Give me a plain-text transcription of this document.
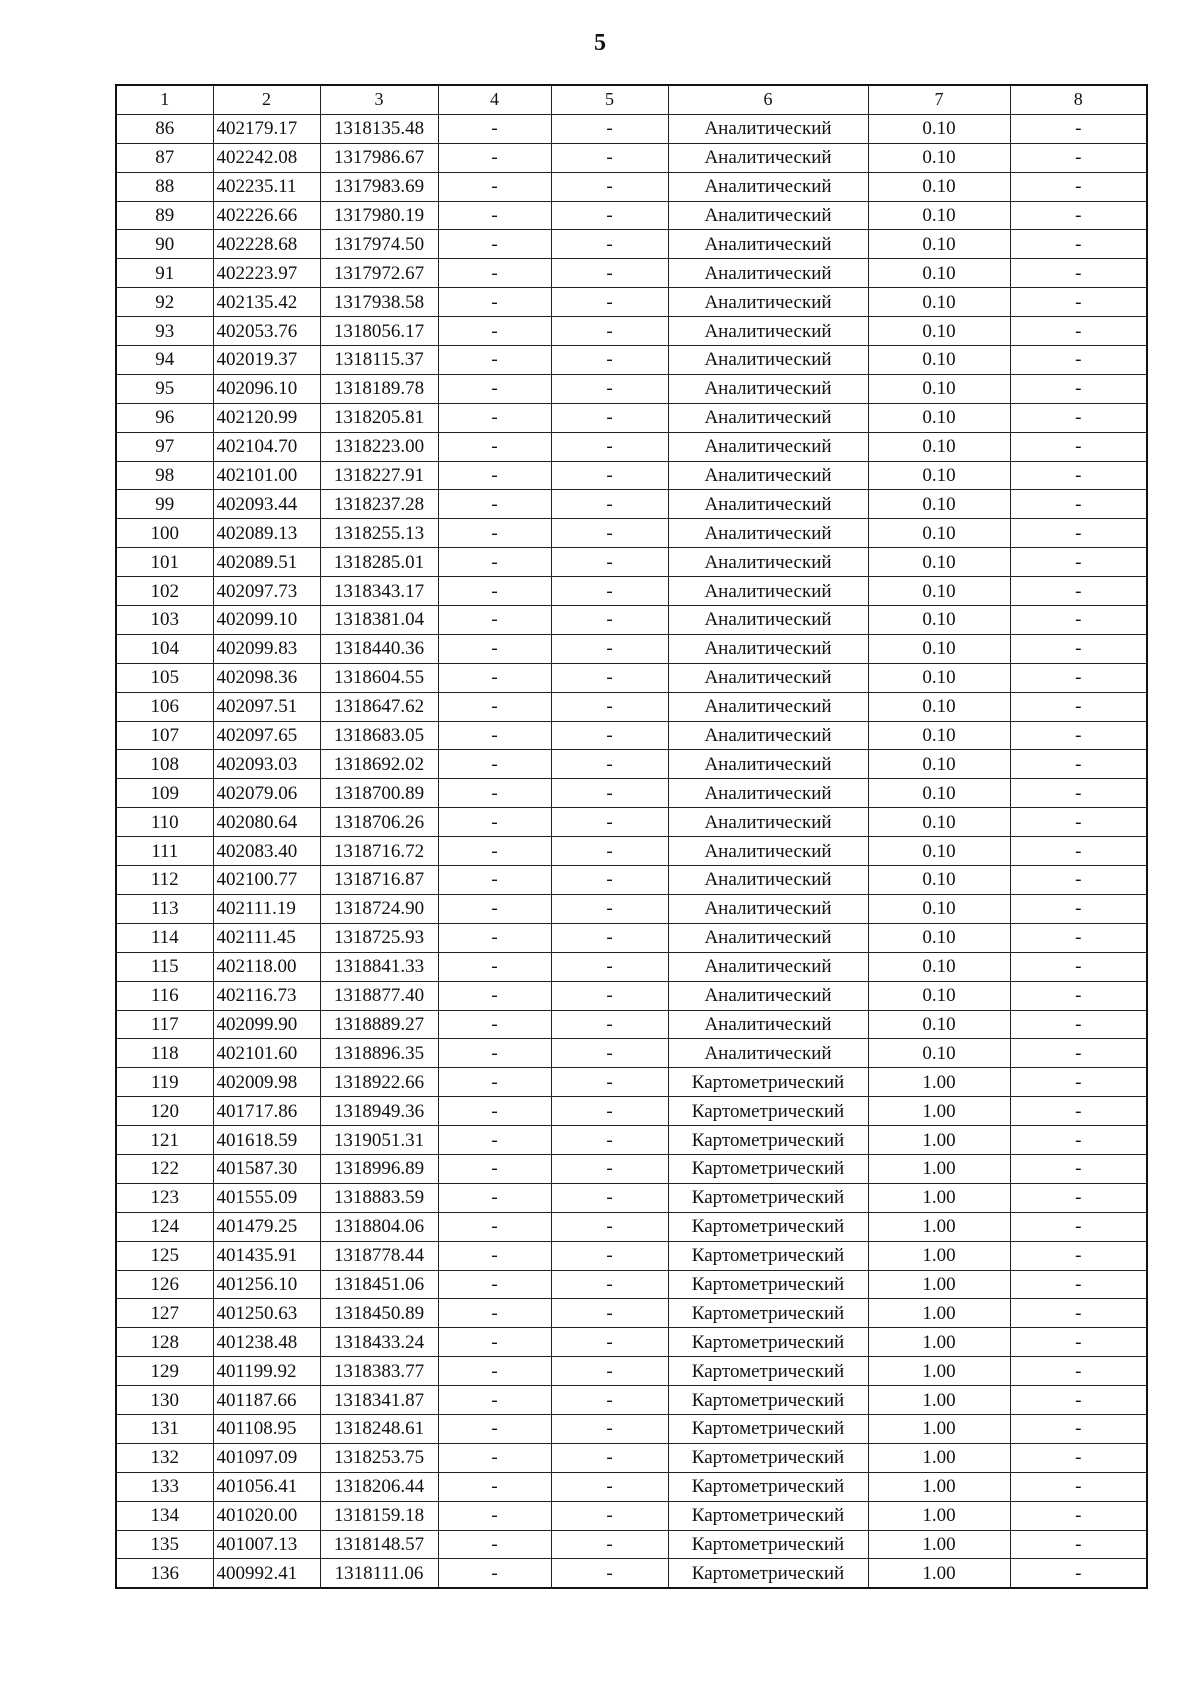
5
1	2	3	4	5	6	7	8
86	402179.17	1318135.48	-	-	Аналитический	0.10	-
87	402242.08	1317986.67	-	-	Аналитический	0.10	-
88	402235.11	1317983.69	-	-	Аналитический	0.10	-
89	402226.66	1317980.19	-	-	Аналитический	0.10	-
90	402228.68	1317974.50	-	-	Аналитический	0.10	-
91	402223.97	1317972.67	-	-	Аналитический	0.10	-
92	402135.42	1317938.58	-	-	Аналитический	0.10	-
93	402053.76	1318056.17	-	-	Аналитический	0.10	-
94	402019.37	1318115.37	-	-	Аналитический	0.10	-
95	402096.10	1318189.78	-	-	Аналитический	0.10	-
96	402120.99	1318205.81	-	-	Аналитический	0.10	-
97	402104.70	1318223.00	-	-	Аналитический	0.10	-
98	402101.00	1318227.91	-	-	Аналитический	0.10	-
99	402093.44	1318237.28	-	-	Аналитический	0.10	-
100	402089.13	1318255.13	-	-	Аналитический	0.10	-
101	402089.51	1318285.01	-	-	Аналитический	0.10	-
102	402097.73	1318343.17	-	-	Аналитический	0.10	-
103	402099.10	1318381.04	-	-	Аналитический	0.10	-
104	402099.83	1318440.36	-	-	Аналитический	0.10	-
105	402098.36	1318604.55	-	-	Аналитический	0.10	-
106	402097.51	1318647.62	-	-	Аналитический	0.10	-
107	402097.65	1318683.05	-	-	Аналитический	0.10	-
108	402093.03	1318692.02	-	-	Аналитический	0.10	-
109	402079.06	1318700.89	-	-	Аналитический	0.10	-
110	402080.64	1318706.26	-	-	Аналитический	0.10	-
111	402083.40	1318716.72	-	-	Аналитический	0.10	-
112	402100.77	1318716.87	-	-	Аналитический	0.10	-
113	402111.19	1318724.90	-	-	Аналитический	0.10	-
114	402111.45	1318725.93	-	-	Аналитический	0.10	-
115	402118.00	1318841.33	-	-	Аналитический	0.10	-
116	402116.73	1318877.40	-	-	Аналитический	0.10	-
117	402099.90	1318889.27	-	-	Аналитический	0.10	-
118	402101.60	1318896.35	-	-	Аналитический	0.10	-
119	402009.98	1318922.66	-	-	Картометрический	1.00	-
120	401717.86	1318949.36	-	-	Картометрический	1.00	-
121	401618.59	1319051.31	-	-	Картометрический	1.00	-
122	401587.30	1318996.89	-	-	Картометрический	1.00	-
123	401555.09	1318883.59	-	-	Картометрический	1.00	-
124	401479.25	1318804.06	-	-	Картометрический	1.00	-
125	401435.91	1318778.44	-	-	Картометрический	1.00	-
126	401256.10	1318451.06	-	-	Картометрический	1.00	-
127	401250.63	1318450.89	-	-	Картометрический	1.00	-
128	401238.48	1318433.24	-	-	Картометрический	1.00	-
129	401199.92	1318383.77	-	-	Картометрический	1.00	-
130	401187.66	1318341.87	-	-	Картометрический	1.00	-
131	401108.95	1318248.61	-	-	Картометрический	1.00	-
132	401097.09	1318253.75	-	-	Картометрический	1.00	-
133	401056.41	1318206.44	-	-	Картометрический	1.00	-
134	401020.00	1318159.18	-	-	Картометрический	1.00	-
135	401007.13	1318148.57	-	-	Картометрический	1.00	-
136	400992.41	1318111.06	-	-	Картометрический	1.00	-
